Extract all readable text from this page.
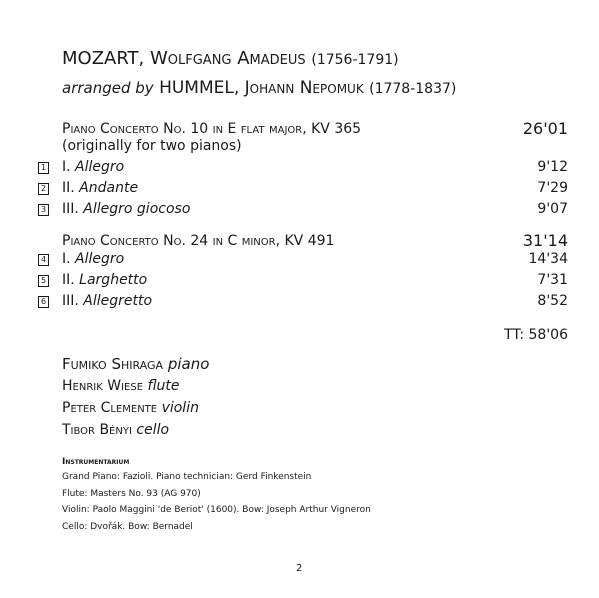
MOZART, Wolfgang Amadeus (1756-1791)
arranged by HUMMEL, Johann Nepomuk (1778-1837)
Piano Concerto No. 10 in E flat major, KV 365	26'01
(originally for two pianos)
1 I. Allegro	9'12
2 II. Andante	7'29
3 III. Allegro giocoso	9'07
Piano Concerto No. 24 in C minor, KV 491	31'14
4 I. Allegro	14'34
5 II. Larghetto	7'31
6 III. Allegretto	8'52
TT: 58'06
Fumiko Shiraga piano
Henrik Wiese flute
Peter Clemente violin
Tibor Bényi cello
Instrumentarium
Grand Piano: Fazioli. Piano technician: Gerd Finkenstein
Flute: Masters No. 93 (AG 970)
Violin: Paolo Maggini 'de Beriot' (1600). Bow: Joseph Arthur Vigneron
Cello: Dvořák. Bow: Bernadel
2
